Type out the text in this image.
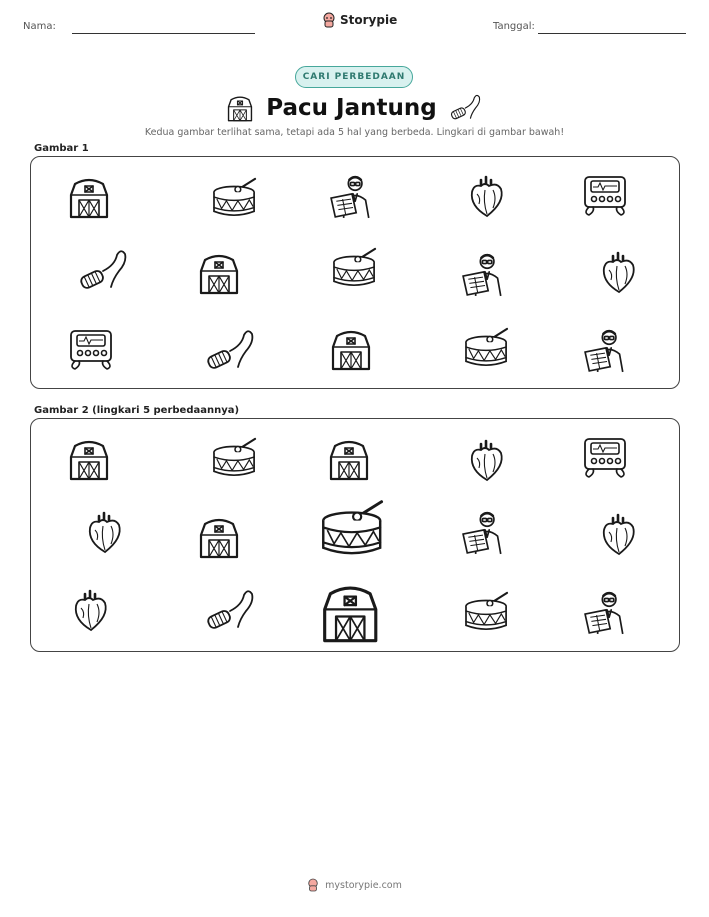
Nama:	Storypie	Tanggal:
CARI PERBEDAAN
Pacu Jantung
Kedua gambar terlihat sama, tetapi ada 5 hal yang berbeda. Lingkari di gambar bawah!
Gambar 1
Gambar 2 (lingkari 5 perbedaannya)
mystorypie.com
